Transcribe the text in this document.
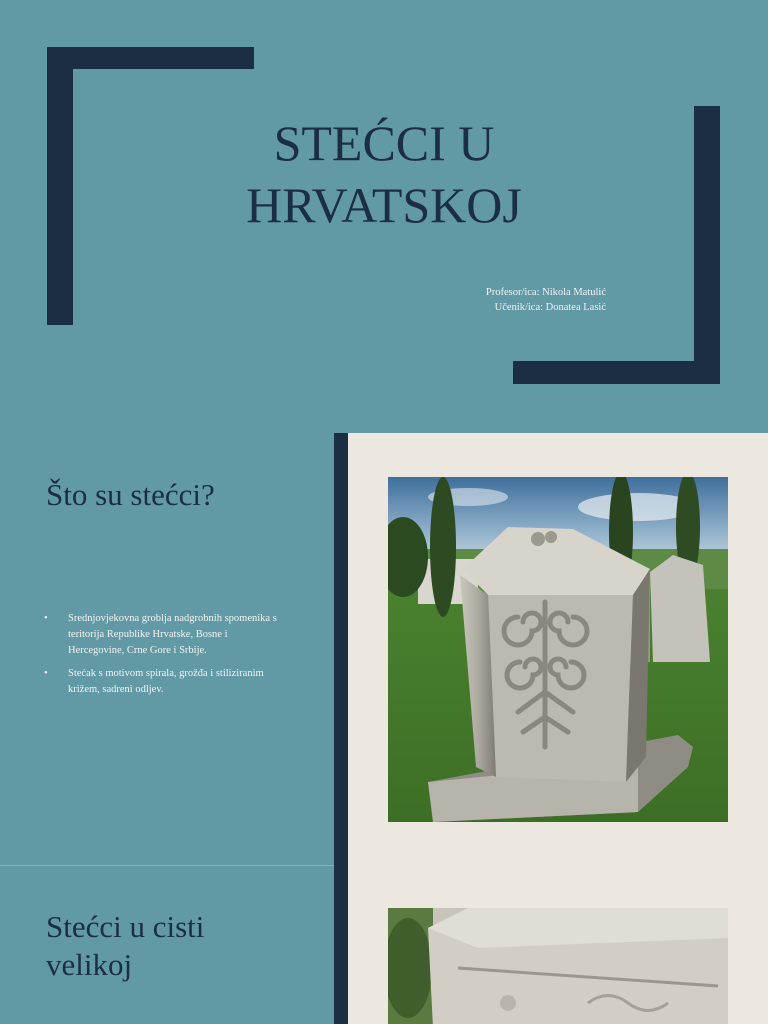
STEĆCI U
HRVATSKOJ
Profesor/ica: Nikola Matulić
Učenik/ica: Donatea Lasić
Što su stećci?
• Srednjovjekovna groblja nadgrobnih spomenika s teritorija Republike Hrvatske, Bosne i Hercegovine, Crne Gore i Srbije.
• Stećak s motivom spirala, grožđa i stiliziranim križem, sadreni odljev.
Stećci u cisti
velikoj
